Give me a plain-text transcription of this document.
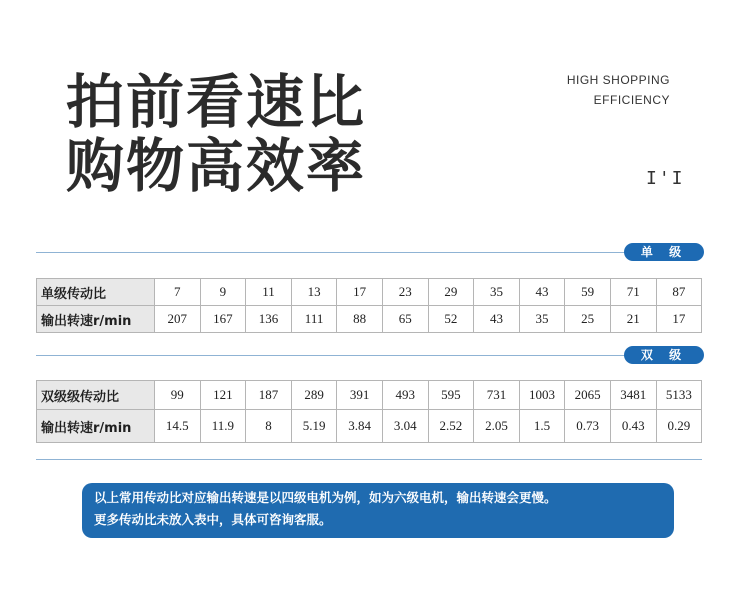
拍前看速比
购物高效率
HIGH SHOPPING
EFFICIENCY
I'I
单 级
单级传动比	7	9	11	13	17	23	29	35	43	59	71	87
输出转速r/min	207	167	136	111	88	65	52	43	35	25	21	17
双 级
双级级传动比	99	121	187	289	391	493	595	731	1003	2065	3481	5133
输出转速r/min	14.5	11.9	8	5.19	3.84	3.04	2.52	2.05	1.5	0.73	0.43	0.29
以上常用传动比对应输出转速是以四级电机为例，如为六级电机，输出转速会更慢。
更多传动比未放入表中，具体可咨询客服。
